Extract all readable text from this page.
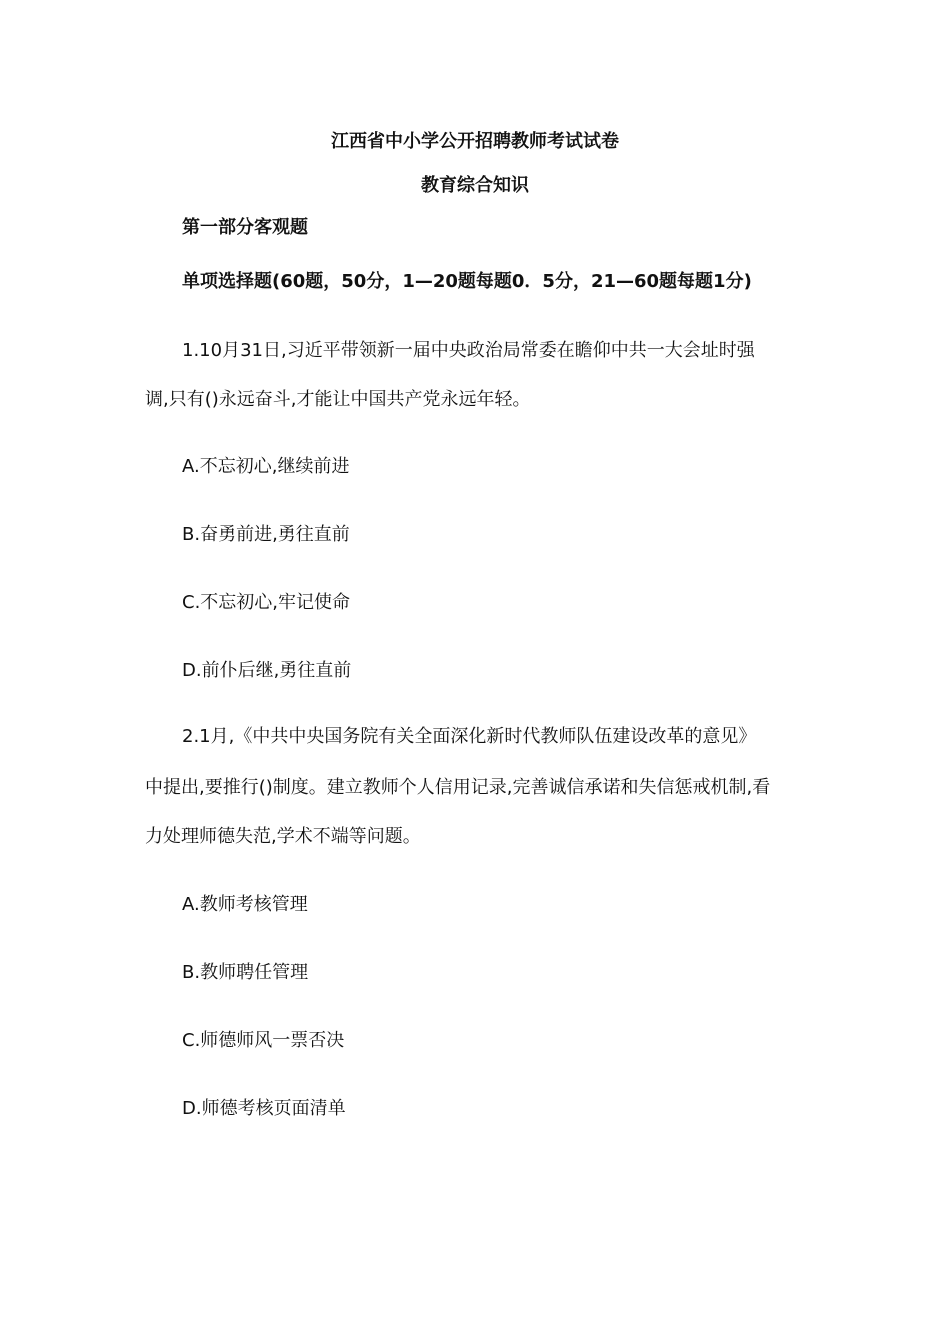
江西省中小学公开招聘教师考试试卷
教育综合知识
第一部分客观题
单项选择题(60题，50分，1—20题每题0．5分，21—60题每题1分)
1.10月31日,习近平带领新一届中央政治局常委在瞻仰中共一大会址时强
调,只有()永远奋斗,才能让中国共产党永远年轻。
A.不忘初心,继续前进
B.奋勇前进,勇往直前
C.不忘初心,牢记使命
D.前仆后继,勇往直前
2.1月,《中共中央国务院有关全面深化新时代教师队伍建设改革的意见》
中提出,要推行()制度。建立教师个人信用记录,完善诚信承诺和失信惩戒机制,看
力处理师德失范,学术不端等问题。
A.教师考核管理
B.教师聘任管理
C.师德师风一票否决
D.师德考核页面清单
